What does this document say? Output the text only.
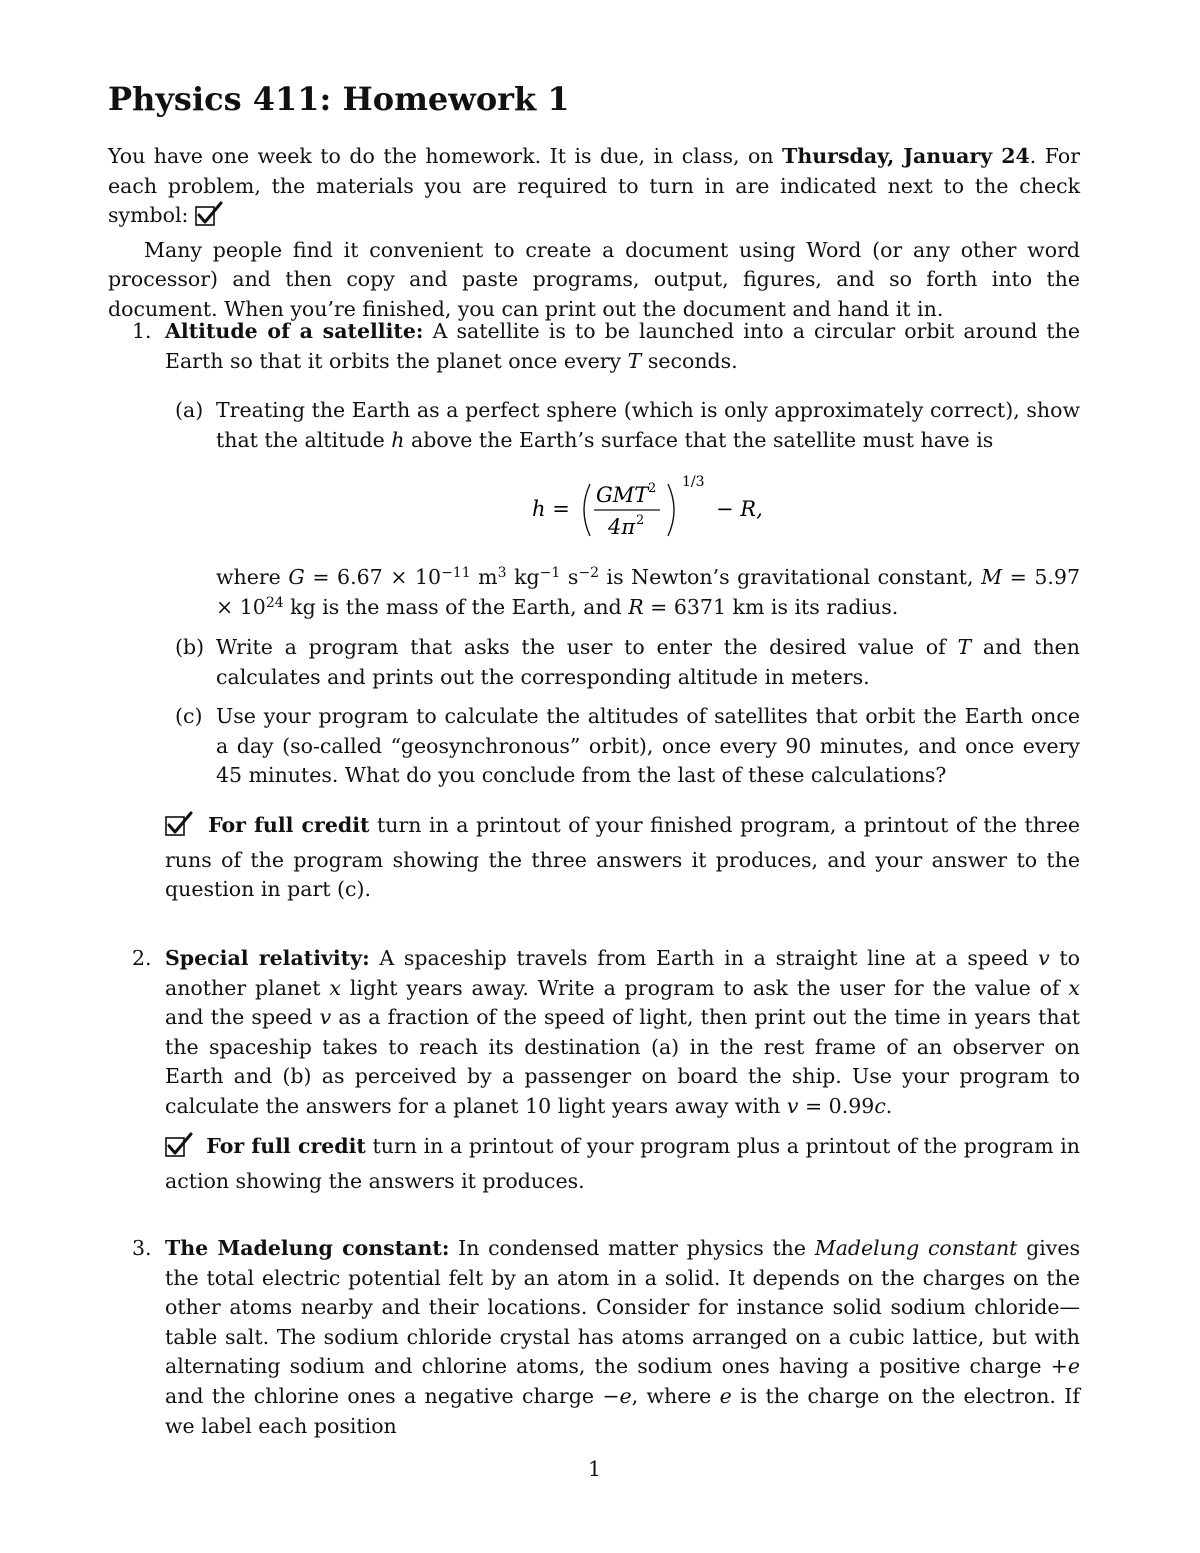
Physics 411: Homework 1

You have one week to do the homework. It is due, in class, on Thursday, January 24. For each problem, the materials you are required to turn in are indicated next to the check symbol:

Many people find it convenient to create a document using Word (or any other word processor) and then copy and paste programs, output, figures, and so forth into the document. When you’re finished, you can print out the document and hand it in.

1. Altitude of a satellite: A satellite is to be launched into a circular orbit around the Earth so that it orbits the planet once every T seconds.

(a) Treating the Earth as a perfect sphere (which is only approximately correct), show that the altitude h above the Earth’s surface that the satellite must have is

h =
GMT 2
4π 2
1/3
− R,

where $G = 6.67 \times 10^{-11}$ $m^3$ $kg^{-1}$ $s^{-2}$ is Newton’s gravitational constant, $M = 5.97 \times 10^{24}$ kg is the mass of the Earth, and R = 6371 km is its radius.

(b) Write a program that asks the user to enter the desired value of T and then calculates and prints out the corresponding altitude in meters.

(c) Use your program to calculate the altitudes of satellites that orbit the Earth once a day (so-called “geosynchronous” orbit), once every 90 minutes, and once every 45 minutes. What do you conclude from the last of these calculations?

For full credit turn in a printout of your finished program, a printout of the three runs of the program showing the three answers it produces, and your answer to the question in part (c).

2. Special relativity: A spaceship travels from Earth in a straight line at a speed v to another planet x light years away. Write a program to ask the user for the value of x and the speed v as a fraction of the speed of light, then print out the time in years that the spaceship takes to reach its destination (a) in the rest frame of an observer on Earth and (b) as perceived by a passenger on board the ship. Use your program to calculate the answers for a planet 10 light years away with v = 0.99c.

For full credit turn in a printout of your program plus a printout of the program in action showing the answers it produces.

3. The Madelung constant: In condensed matter physics the Madelung constant gives the total electric potential felt by an atom in a solid. It depends on the charges on the other atoms nearby and their locations. Consider for instance solid sodium chloride—table salt. The sodium chloride crystal has atoms arranged on a cubic lattice, but with alternating sodium and chlorine atoms, the sodium ones having a positive charge +e and the chlorine ones a negative charge −e, where e is the charge on the electron. If we label each position

1
